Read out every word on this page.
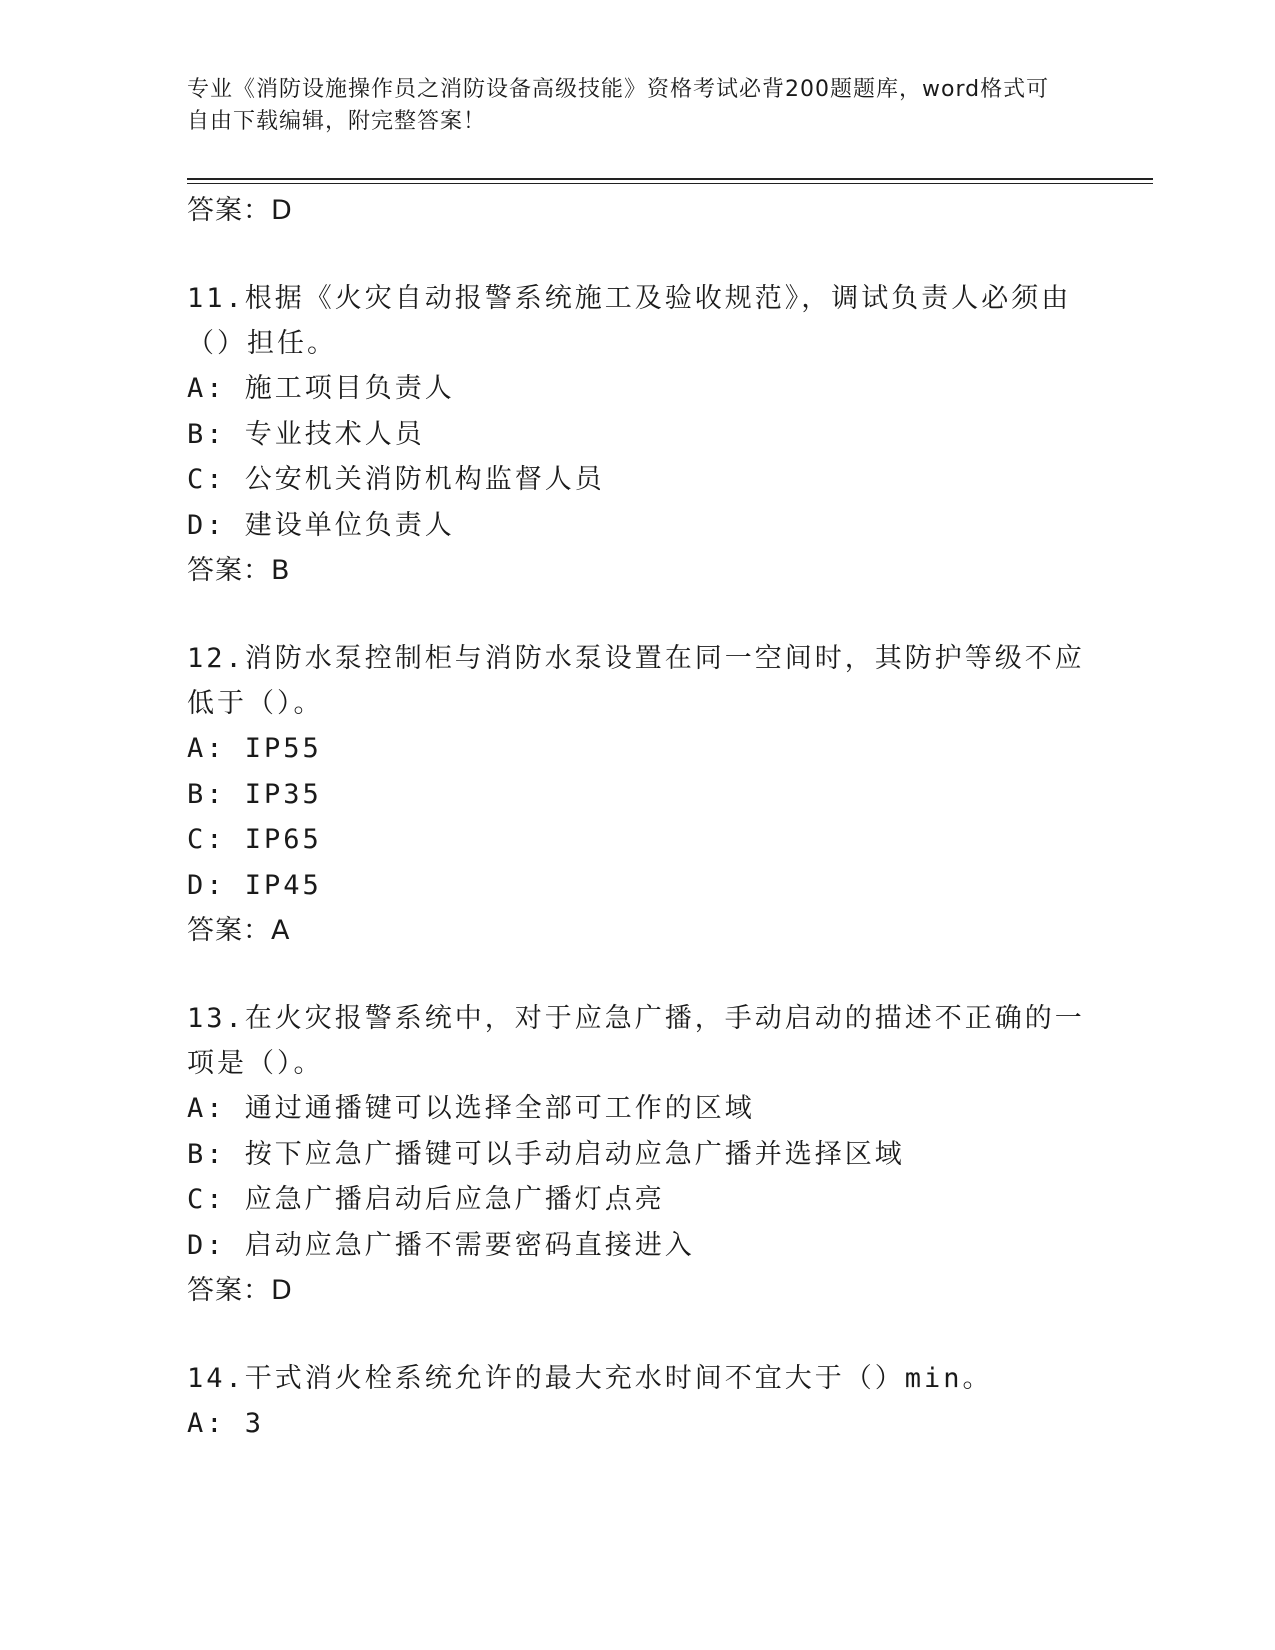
专业《消防设施操作员之消防设备高级技能》资格考试必背200题题库，word格式可自由下载编辑，附完整答案！
答案：D
11.根据《火灾自动报警系统施工及验收规范》，调试负责人必须由（）担任。
A: 施工项目负责人
B: 专业技术人员
C: 公安机关消防机构监督人员
D: 建设单位负责人
答案：B
12.消防水泵控制柜与消防水泵设置在同一空间时，其防护等级不应低于（）。
A: IP55
B: IP35
C: IP65
D: IP45
答案：A
13.在火灾报警系统中，对于应急广播，手动启动的描述不正确的一项是（）。
A: 通过通播键可以选择全部可工作的区域
B: 按下应急广播键可以手动启动应急广播并选择区域
C: 应急广播启动后应急广播灯点亮
D: 启动应急广播不需要密码直接进入
答案：D
14.干式消火栓系统允许的最大充水时间不宜大于（）min。
A: 3
